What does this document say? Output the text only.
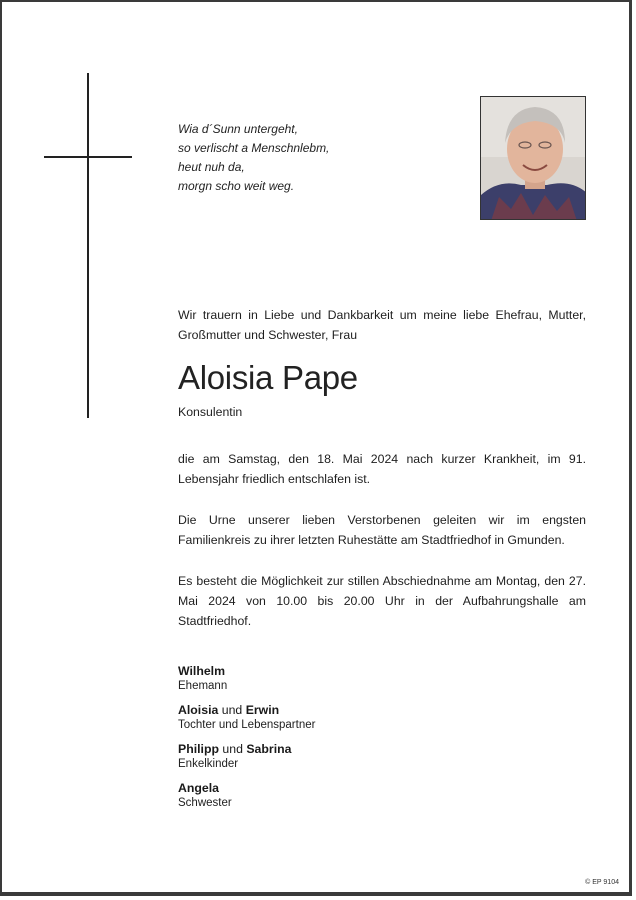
Wia d´Sunn untergeht,
so verlischt a Menschnlebm,
heut nuh da,
morgn scho weit weg.
Wir trauern in Liebe und Dankbarkeit um meine liebe Ehefrau, Mutter, Großmutter und Schwester, Frau
Aloisia Pape
Konsulentin
die am Samstag, den 18. Mai 2024 nach kurzer Krankheit, im 91. Lebensjahr friedlich entschlafen ist.
Die Urne unserer lieben Verstorbenen geleiten wir im engsten Familienkreis zu ihrer letzten Ruhestätte am Stadtfriedhof in Gmunden.
Es besteht die Möglichkeit zur stillen Abschiednahme am Montag, den 27. Mai 2024 von 10.00 bis 20.00 Uhr in der Aufbahrungshalle am Stadtfriedhof.
Wilhelm
Ehemann
Aloisia und Erwin
Tochter und Lebenspartner
Philipp und Sabrina
Enkelkinder
Angela
Schwester
© EP 9104
